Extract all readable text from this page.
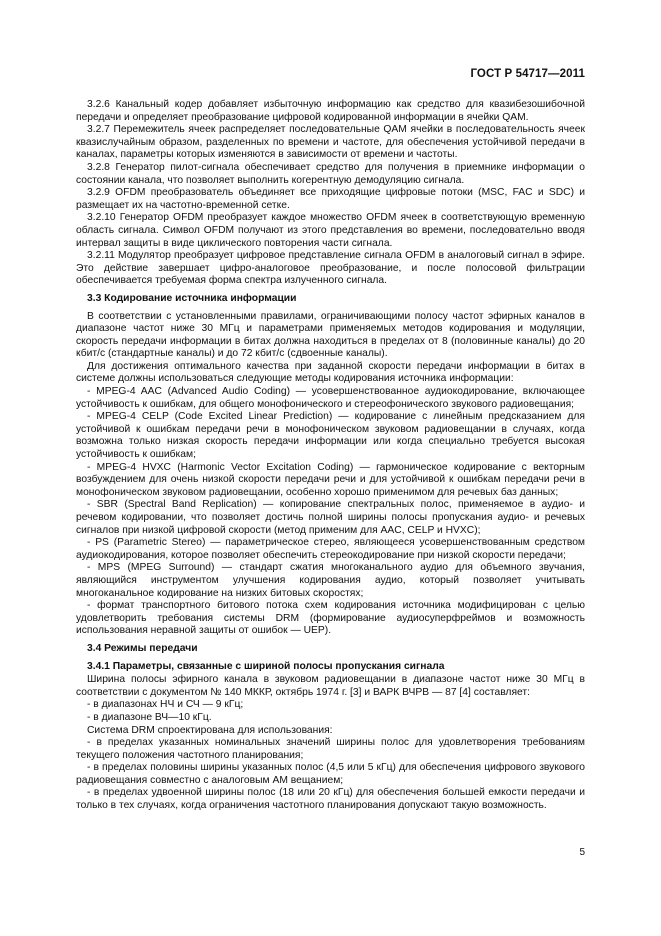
ГОСТ Р 54717—2011

3.2.6 Канальный кодер добавляет избыточную информацию как средство для квазибезошибочной передачи и определяет преобразование цифровой кодированной информации в ячейки QAM.

3.2.7 Перемежитель ячеек распределяет последовательные QAM ячейки в последовательность ячеек квазислучайным образом, разделенных по времени и частоте, для обеспечения устойчивой передачи в каналах, параметры которых изменяются в зависимости от времени и частоты.

3.2.8 Генератор пилот-сигнала обеспечивает средство для получения в приемнике информации о состоянии канала, что позволяет выполнить когерентную демодуляцию сигнала.

3.2.9 OFDM преобразователь объединяет все приходящие цифровые потоки (MSC, FAC и SDC) и размещает их на частотно-временной сетке.

3.2.10 Генератор OFDM преобразует каждое множество OFDM ячеек в соответствующую временную область сигнала. Символ OFDM получают из этого представления во времени, последовательно вводя интервал защиты в виде циклического повторения части сигнала.

3.2.11 Модулятор преобразует цифровое представление сигнала OFDM в аналоговый сигнал в эфире. Это действие завершает цифро-аналоговое преобразование, и после полосовой фильтрации обеспечивается требуемая форма спектра излученного сигнала.

3.3 Кодирование источника информации

В соответствии с установленными правилами, ограничивающими полосу частот эфирных каналов в диапазоне частот ниже 30 МГц и параметрами применяемых методов кодирования и модуляции, скорость передачи информации в битах должна находиться в пределах от 8 (половинные каналы) до 20 кбит/с (стандартные каналы) и до 72 кбит/с (сдвоенные каналы).

Для достижения оптимального качества при заданной скорости передачи информации в битах в системе должны использоваться следующие методы кодирования источника информации:

- MPEG-4 AAC (Advanced Audio Coding) — усовершенствованное аудиокодирование, включающее устойчивость к ошибкам, для общего монофонического и стереофонического звукового радиовещания;

- MPEG-4 CELP (Code Excited Linear Prediction) — кодирование с линейным предсказанием для устойчивой к ошибкам передачи речи в монофоническом звуковом радиовещании в случаях, когда возможна только низкая скорость передачи информации или когда специально требуется высокая устойчивость к ошибкам;

- MPEG-4 HVXC (Harmonic Vector Excitation Coding) — гармоническое кодирование с векторным возбуждением для очень низкой скорости передачи речи и для устойчивой к ошибкам передачи речи в монофоническом звуковом радиовещании, особенно хорошо применимом для речевых баз данных;

- SBR (Spectral Band Replication) — копирование спектральных полос, применяемое в аудио- и речевом кодировании, что позволяет достичь полной ширины полосы пропускания аудио- и речевых сигналов при низкой цифровой скорости (метод применим для AAC, CELP и HVXC);

- PS (Parametric Stereo) — параметрическое стерео, являющееся усовершенствованным средством аудиокодирования, которое позволяет обеспечить стереокодирование при низкой скорости передачи;

- MPS (MPEG Surround) — стандарт сжатия многоканального аудио для объемного звучания, являющийся инструментом улучшения кодирования аудио, который позволяет учитывать многоканальное кодирование на низких битовых скоростях;

- формат транспортного битового потока схем кодирования источника модифицирован с целью удовлетворить требования системы DRM (формирование аудиосуперфреймов и возможность использования неравной защиты от ошибок — UEP).

3.4 Режимы передачи
3.4.1 Параметры, связанные с шириной полосы пропускания сигнала

Ширина полосы эфирного канала в звуковом радиовещании в диапазоне частот ниже 30 МГц в соответствии с документом № 140 МККР, октябрь 1974 г. [3] и ВАРК ВЧРВ — 87 [4] составляет:

- в диапазонах НЧ и СЧ — 9 кГц;

- в диапазоне ВЧ—10 кГц.

Система DRM спроектирована для использования:

- в пределах указанных номинальных значений ширины полос для удовлетворения требованиям текущего положения частотного планирования;

- в пределах половины ширины указанных полос (4,5 или 5 кГц) для обеспечения цифрового звукового радиовещания совместно с аналоговым АМ вещанием;

- в пределах удвоенной ширины полос (18 или 20 кГц) для обеспечения большей емкости передачи и только в тех случаях, когда ограничения частотного планирования допускают такую возможность.

5
